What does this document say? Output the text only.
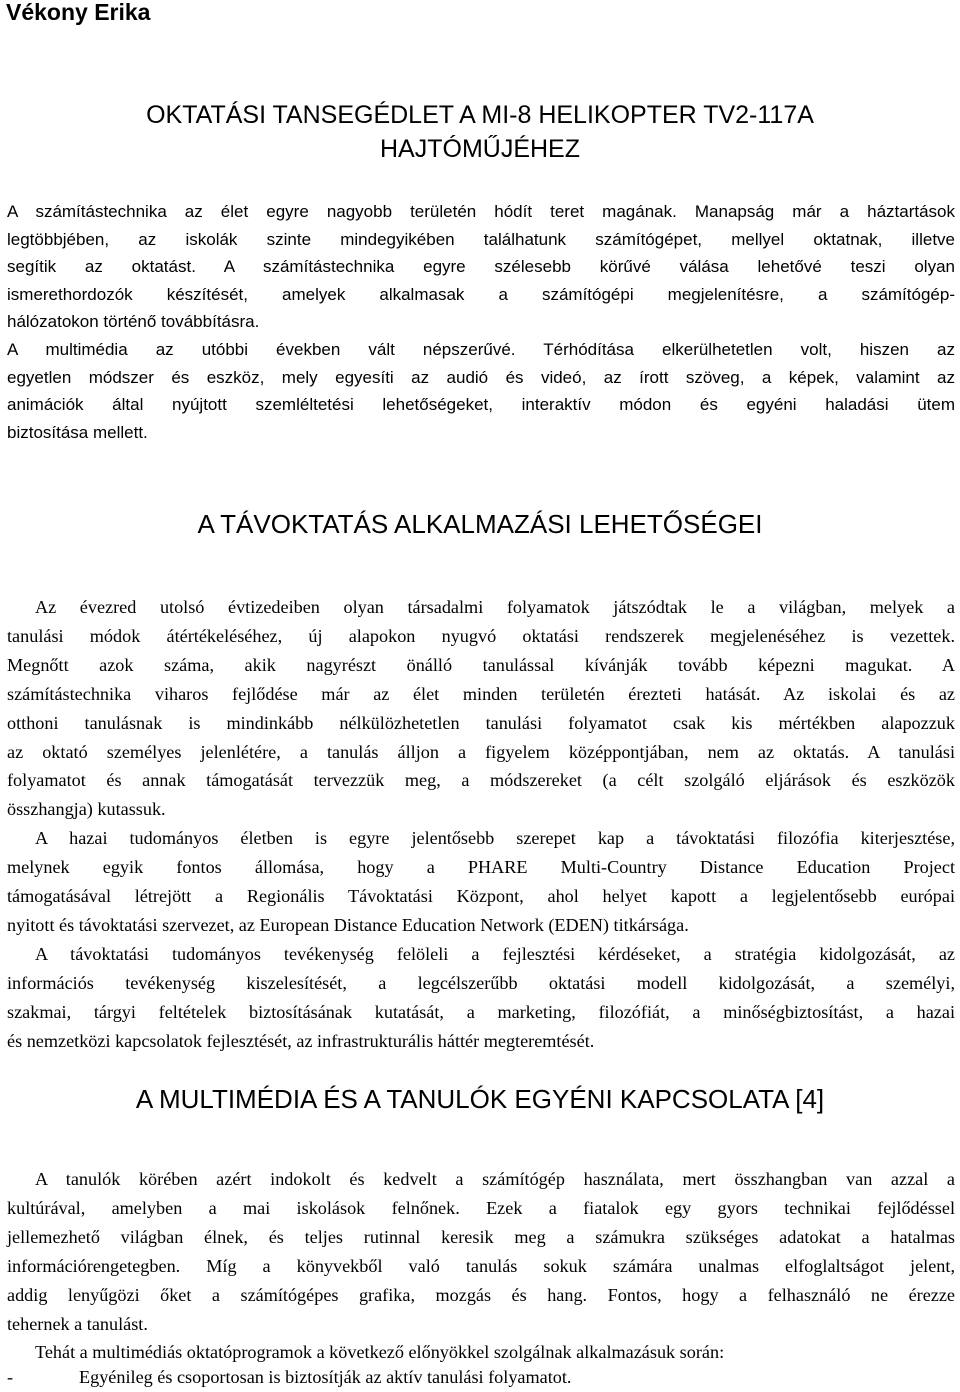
Vékony Erika
OKTATÁSI TANSEGÉDLET A MI-8 HELIKOPTER TV2-117A
HAJTÓMŰJÉHEZ
A számítástechnika az élet egyre nagyobb területén hódít teret magának. Manapság már a háztartások
legtöbbjében, az iskolák szinte mindegyikében találhatunk számítógépet, mellyel oktatnak, illetve
segítik az oktatást. A számítástechnika egyre szélesebb körűvé válása lehetővé teszi olyan
ismerethordozók készítését, amelyek alkalmasak a számítógépi megjelenítésre, a számítógép-
hálózatokon történő továbbításra.
A multimédia az utóbbi években vált népszerűvé. Térhódítása elkerülhetetlen volt, hiszen az
egyetlen módszer és eszköz, mely egyesíti az audió és videó, az írott szöveg, a képek, valamint az
animációk által nyújtott szemléltetési lehetőségeket, interaktív módon és egyéni haladási ütem
biztosítása mellett.
A TÁVOKTATÁS ALKALMAZÁSI LEHETŐSÉGEI
Az évezred utolsó évtizedeiben olyan társadalmi folyamatok játszódtak le a világban, melyek a
tanulási módok átértékeléséhez, új alapokon nyugvó oktatási rendszerek megjelenéséhez is vezettek.
Megnőtt azok száma, akik nagyrészt önálló tanulással kívánják tovább képezni magukat. A
számítástechnika viharos fejlődése már az élet minden területén érezteti hatását. Az iskolai és az
otthoni tanulásnak is mindinkább nélkülözhetetlen tanulási folyamatot csak kis mértékben alapozzuk
az oktató személyes jelenlétére, a tanulás álljon a figyelem középpontjában, nem az oktatás. A tanulási
folyamatot és annak támogatását tervezzük meg, a módszereket (a célt szolgáló eljárások és eszközök
összhangja) kutassuk.
A hazai tudományos életben is egyre jelentősebb szerepet kap a távoktatási filozófia kiterjesztése,
melynek egyik fontos állomása, hogy a PHARE Multi-Country Distance Education Project
támogatásával létrejött a Regionális Távoktatási Központ, ahol helyet kapott a legjelentősebb európai
nyitott és távoktatási szervezet, az European Distance Education Network (EDEN) titkársága.
A távoktatási tudományos tevékenység felöleli a fejlesztési kérdéseket, a stratégia kidolgozását, az
információs tevékenység kiszelesítését, a legcélszerűbb oktatási modell kidolgozását, a személyi,
szakmai, tárgyi feltételek biztosításának kutatását, a marketing, filozófiát, a minőségbiztosítást, a hazai
és nemzetközi kapcsolatok fejlesztését, az infrastrukturális háttér megteremtését.
A MULTIMÉDIA ÉS A TANULÓK EGYÉNI KAPCSOLATA [4]
A tanulók körében azért indokolt és kedvelt a számítógép használata, mert összhangban van azzal a
kultúrával, amelyben a mai iskolások felnőnek. Ezek a fiatalok egy gyors technikai fejlődéssel
jellemezhető világban élnek, és teljes rutinnal keresik meg a számukra szükséges adatokat a hatalmas
információrengetegben. Míg a könyvekből való tanulás sokuk számára unalmas elfoglaltságot jelent,
addig lenyűgözi őket a számítógépes grafika, mozgás és hang. Fontos, hogy a felhasználó ne érezze
tehernek a tanulást.
Tehát a multimédiás oktatóprogramok a következő előnyökkel szolgálnak alkalmazásuk során:
-	Egyénileg és csoportosan is biztosítják az aktív tanulási folyamatot.
